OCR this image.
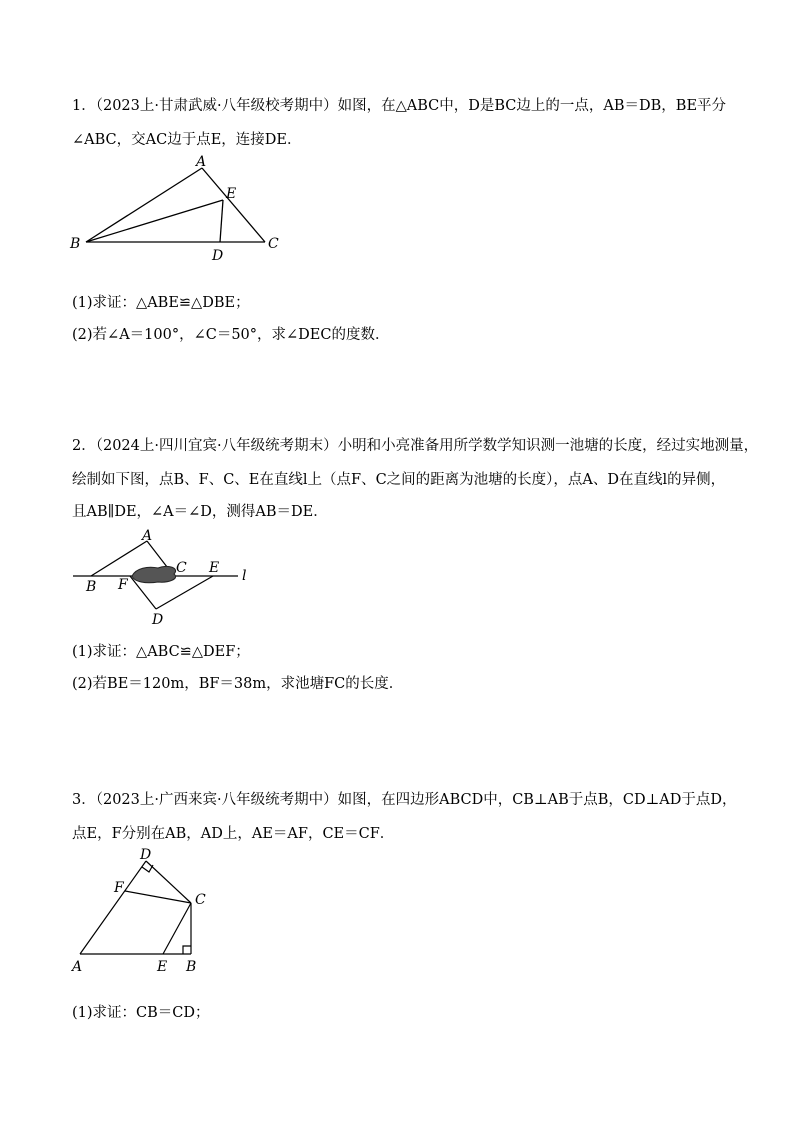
1．（2023上·甘肃武威·八年级校考期中）如图，在△ABC中，D是BC边上的一点，AB＝DB，BE平分
∠ABC，交AC边于点E，连接DE．
A
E
B	C
D
(1)求证：△ABE≌△DBE；
(2)若∠A＝100°，∠C＝50°，求∠DEC的度数．
2．（2024上·四川宜宾·八年级统考期末）小明和小亮准备用所学数学知识测一池塘的长度，经过实地测量，
绘制如下图，点B、F、C、E在直线l上（点F、C之间的距离为池塘的长度），点A、D在直线l的异侧，
且AB∥DE，∠A＝∠D，测得AB＝DE．
A
C E l
B F
D
(1)求证：△ABC≌△DEF；
(2)若BE＝120m，BF＝38m，求池塘FC的长度．
3．（2023上·广西来宾·八年级统考期中）如图，在四边形ABCD中，CB⊥AB于点B，CD⊥AD于点D，
点E，F分别在AB，AD上，AE＝AF，CE＝CF．
D
F
C
A	E B
(1)求证：CB＝CD；
